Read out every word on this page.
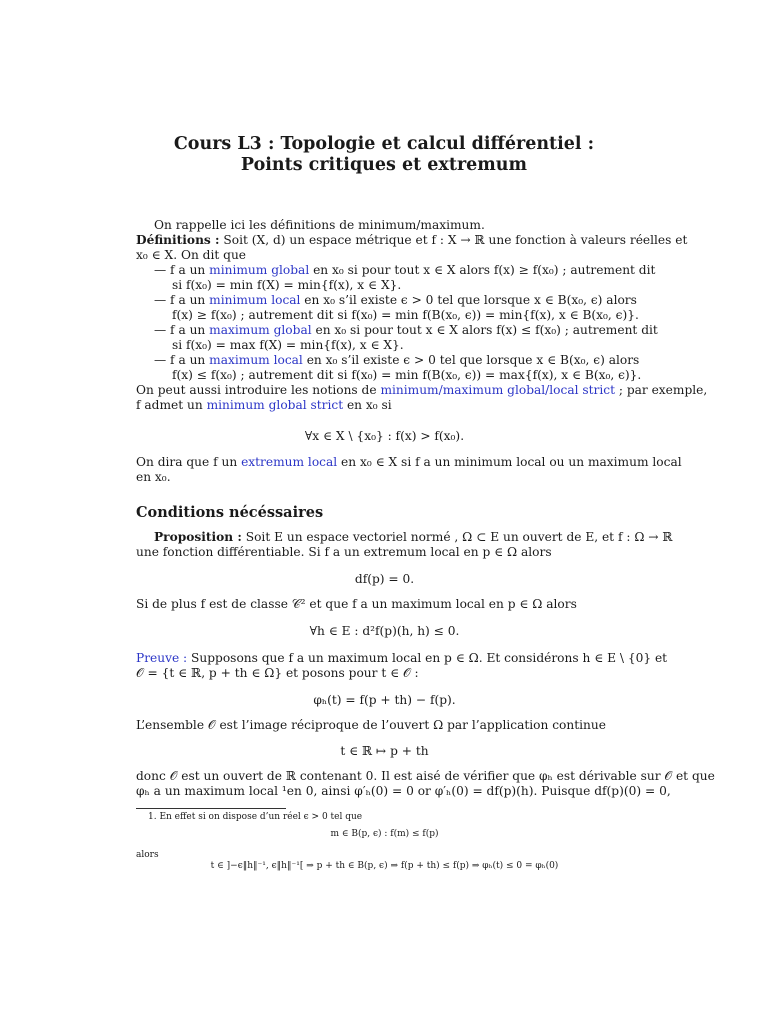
Cours L3 : Topologie et calcul différentiel :
Points critiques et extremum
On rappelle ici les définitions de minimum/maximum.
Définitions : Soit (X, d) un espace métrique et f : X → ℝ une fonction à valeurs réelles et
x₀ ∈ X. On dit que
— f a un minimum global en x₀ si pour tout x ∈ X alors f(x) ≥ f(x₀) ; autrement dit
si f(x₀) = min f(X) = min{f(x), x ∈ X}.
— f a un minimum local en x₀ s’il existe ϵ > 0 tel que lorsque x ∈ B(x₀, ϵ) alors
f(x) ≥ f(x₀) ; autrement dit si f(x₀) = min f(B(x₀, ϵ)) = min{f(x), x ∈ B(x₀, ϵ)}.
— f a un maximum global en x₀ si pour tout x ∈ X alors f(x) ≤ f(x₀) ; autrement dit
si f(x₀) = max f(X) = min{f(x), x ∈ X}.
— f a un maximum local en x₀ s’il existe ϵ > 0 tel que lorsque x ∈ B(x₀, ϵ) alors
f(x) ≤ f(x₀) ; autrement dit si f(x₀) = min f(B(x₀, ϵ)) = max{f(x), x ∈ B(x₀, ϵ)}.
On peut aussi introduire les notions de minimum/maximum global/local strict ; par exemple,
f admet un minimum global strict en x₀ si
∀x ∈ X \ {x₀} : f(x) > f(x₀).
On dira que f un extremum local en x₀ ∈ X si f a un minimum local ou un maximum local
en x₀.
Conditions nécéssaires
Proposition : Soit E un espace vectoriel normé , Ω ⊂ E un ouvert de E, et f : Ω → ℝ
une fonction différentiable. Si f a un extremum local en p ∈ Ω alors
df(p) = 0.
Si de plus f est de classe 𝒞² et que f a un maximum local en p ∈ Ω alors
∀h ∈ E : d²f(p)(h, h) ≤ 0.
Preuve : Supposons que f a un maximum local en p ∈ Ω. Et considérons h ∈ E \ {0} et
𝒪 = {t ∈ ℝ, p + th ∈ Ω} et posons pour t ∈ 𝒪 :
φₕ(t) = f(p + th) − f(p).
L’ensemble 𝒪 est l’image réciproque de l’ouvert Ω par l’application continue
t ∈ ℝ ↦ p + th
donc 𝒪 est un ouvert de ℝ contenant 0. Il est aisé de vérifier que φₕ est dérivable sur 𝒪 et que
φₕ a un maximum local ¹en 0, ainsi φ′ₕ(0) = 0 or φ′ₕ(0) = df(p)(h). Puisque df(p)(0) = 0,
1. En effet si on dispose d’un réel ϵ > 0 tel que
m ∈ B(p, ϵ) : f(m) ≤ f(p)
alors
t ∈ ]−ϵ‖h‖⁻¹, ϵ‖h‖⁻¹[ ⇒ p + th ∈ B(p, ϵ) ⇒ f(p + th) ≤ f(p) ⇒ φₕ(t) ≤ 0 = φₕ(0)
